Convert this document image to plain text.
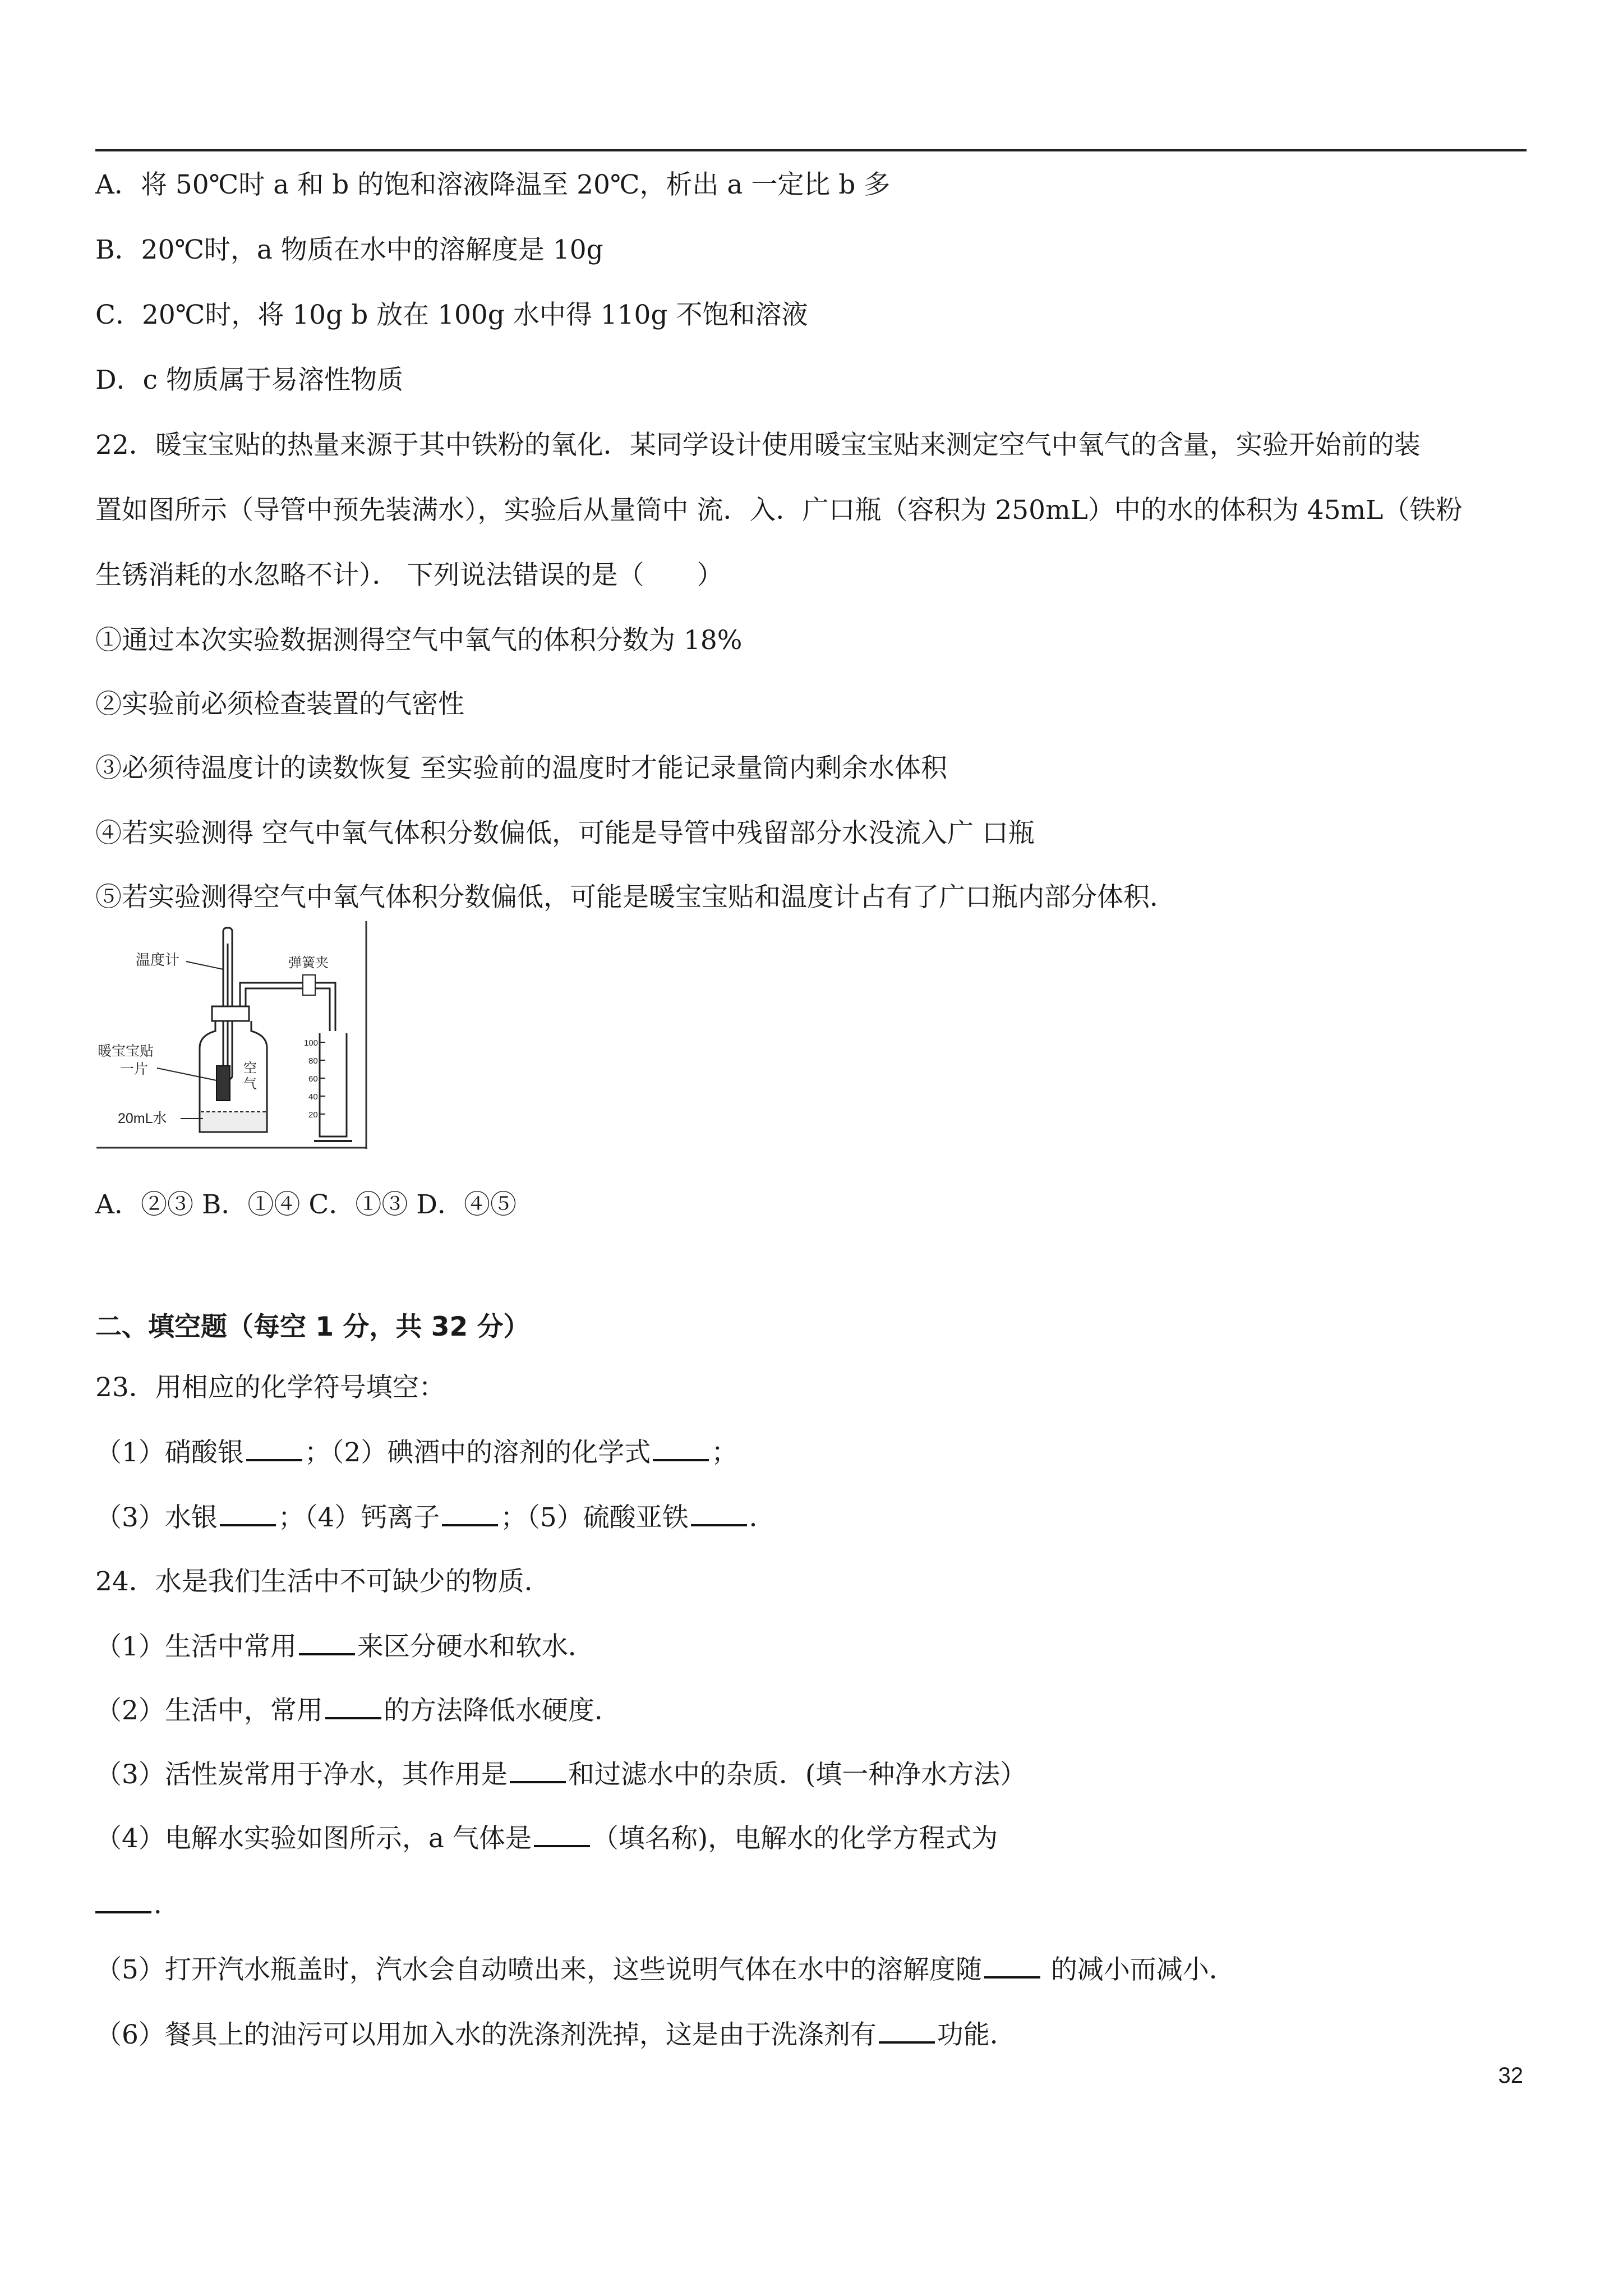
A．将 50℃时 a 和 b 的饱和溶液降温至 20℃，析出 a 一定比 b 多
B．20℃时，a 物质在水中的溶解度是 10g
C．20℃时，将 10g b 放在 100g 水中得 110g 不饱和溶液
D．c 物质属于易溶性物质
22．暖宝宝贴的热量来源于其中铁粉的氧化．某同学设计使用暖宝宝贴来测定空气中氧气的含量，实验开始前的装
置如图所示（导管中预先装满水），实验后从量筒中 流．入．广口瓶（容积为 250mL）中的水的体积为 45mL（铁粉
生锈消耗的水忽略不计）． 下列说法错误的是（　　）
①通过本次实验数据测得空气中氧气的体积分数为 18%
②实验前必须检查装置的气密性
③必须待温度计的读数恢复 至实验前的温度时才能记录量筒内剩余水体积
④若实验测得 空气中氧气体积分数偏低，可能是导管中残留部分水没流入广 口瓶
⑤若实验测得空气中氧气体积分数偏低，可能是暖宝宝贴和温度计占有了广口瓶内部分体积．
温度计
空
气
暖宝宝贴
一片
20mL水
弹簧夹
100
80
60
40
20
A．②③ B．①④ C．①③ D．④⑤
二、填空题（每空 1 分，共 32 分）
23．用相应的化学符号填空：
（1）硝酸银 ；（2）碘酒中的溶剂的化学式 ；
（3）水银 ；（4）钙离子 ；（5）硫酸亚铁 ．
24．水是我们生活中不可缺少的物质．
（1）生活中常用 来区分硬水和软水．
（2）生活中，常用 的方法降低水硬度．
（3）活性炭常用于净水，其作用是 和过滤水中的杂质．(填一种净水方法）
（4）电解水实验如图所示，a 气体是 （填名称)，电解水的化学方程式为
．
（5）打开汽水瓶盖时，汽水会自动喷出来，这些说明气体在水中的溶解度随 的减小而减小．
（6）餐具上的油污可以用加入水的洗涤剂洗掉，这是由于洗涤剂有 功能．
32
